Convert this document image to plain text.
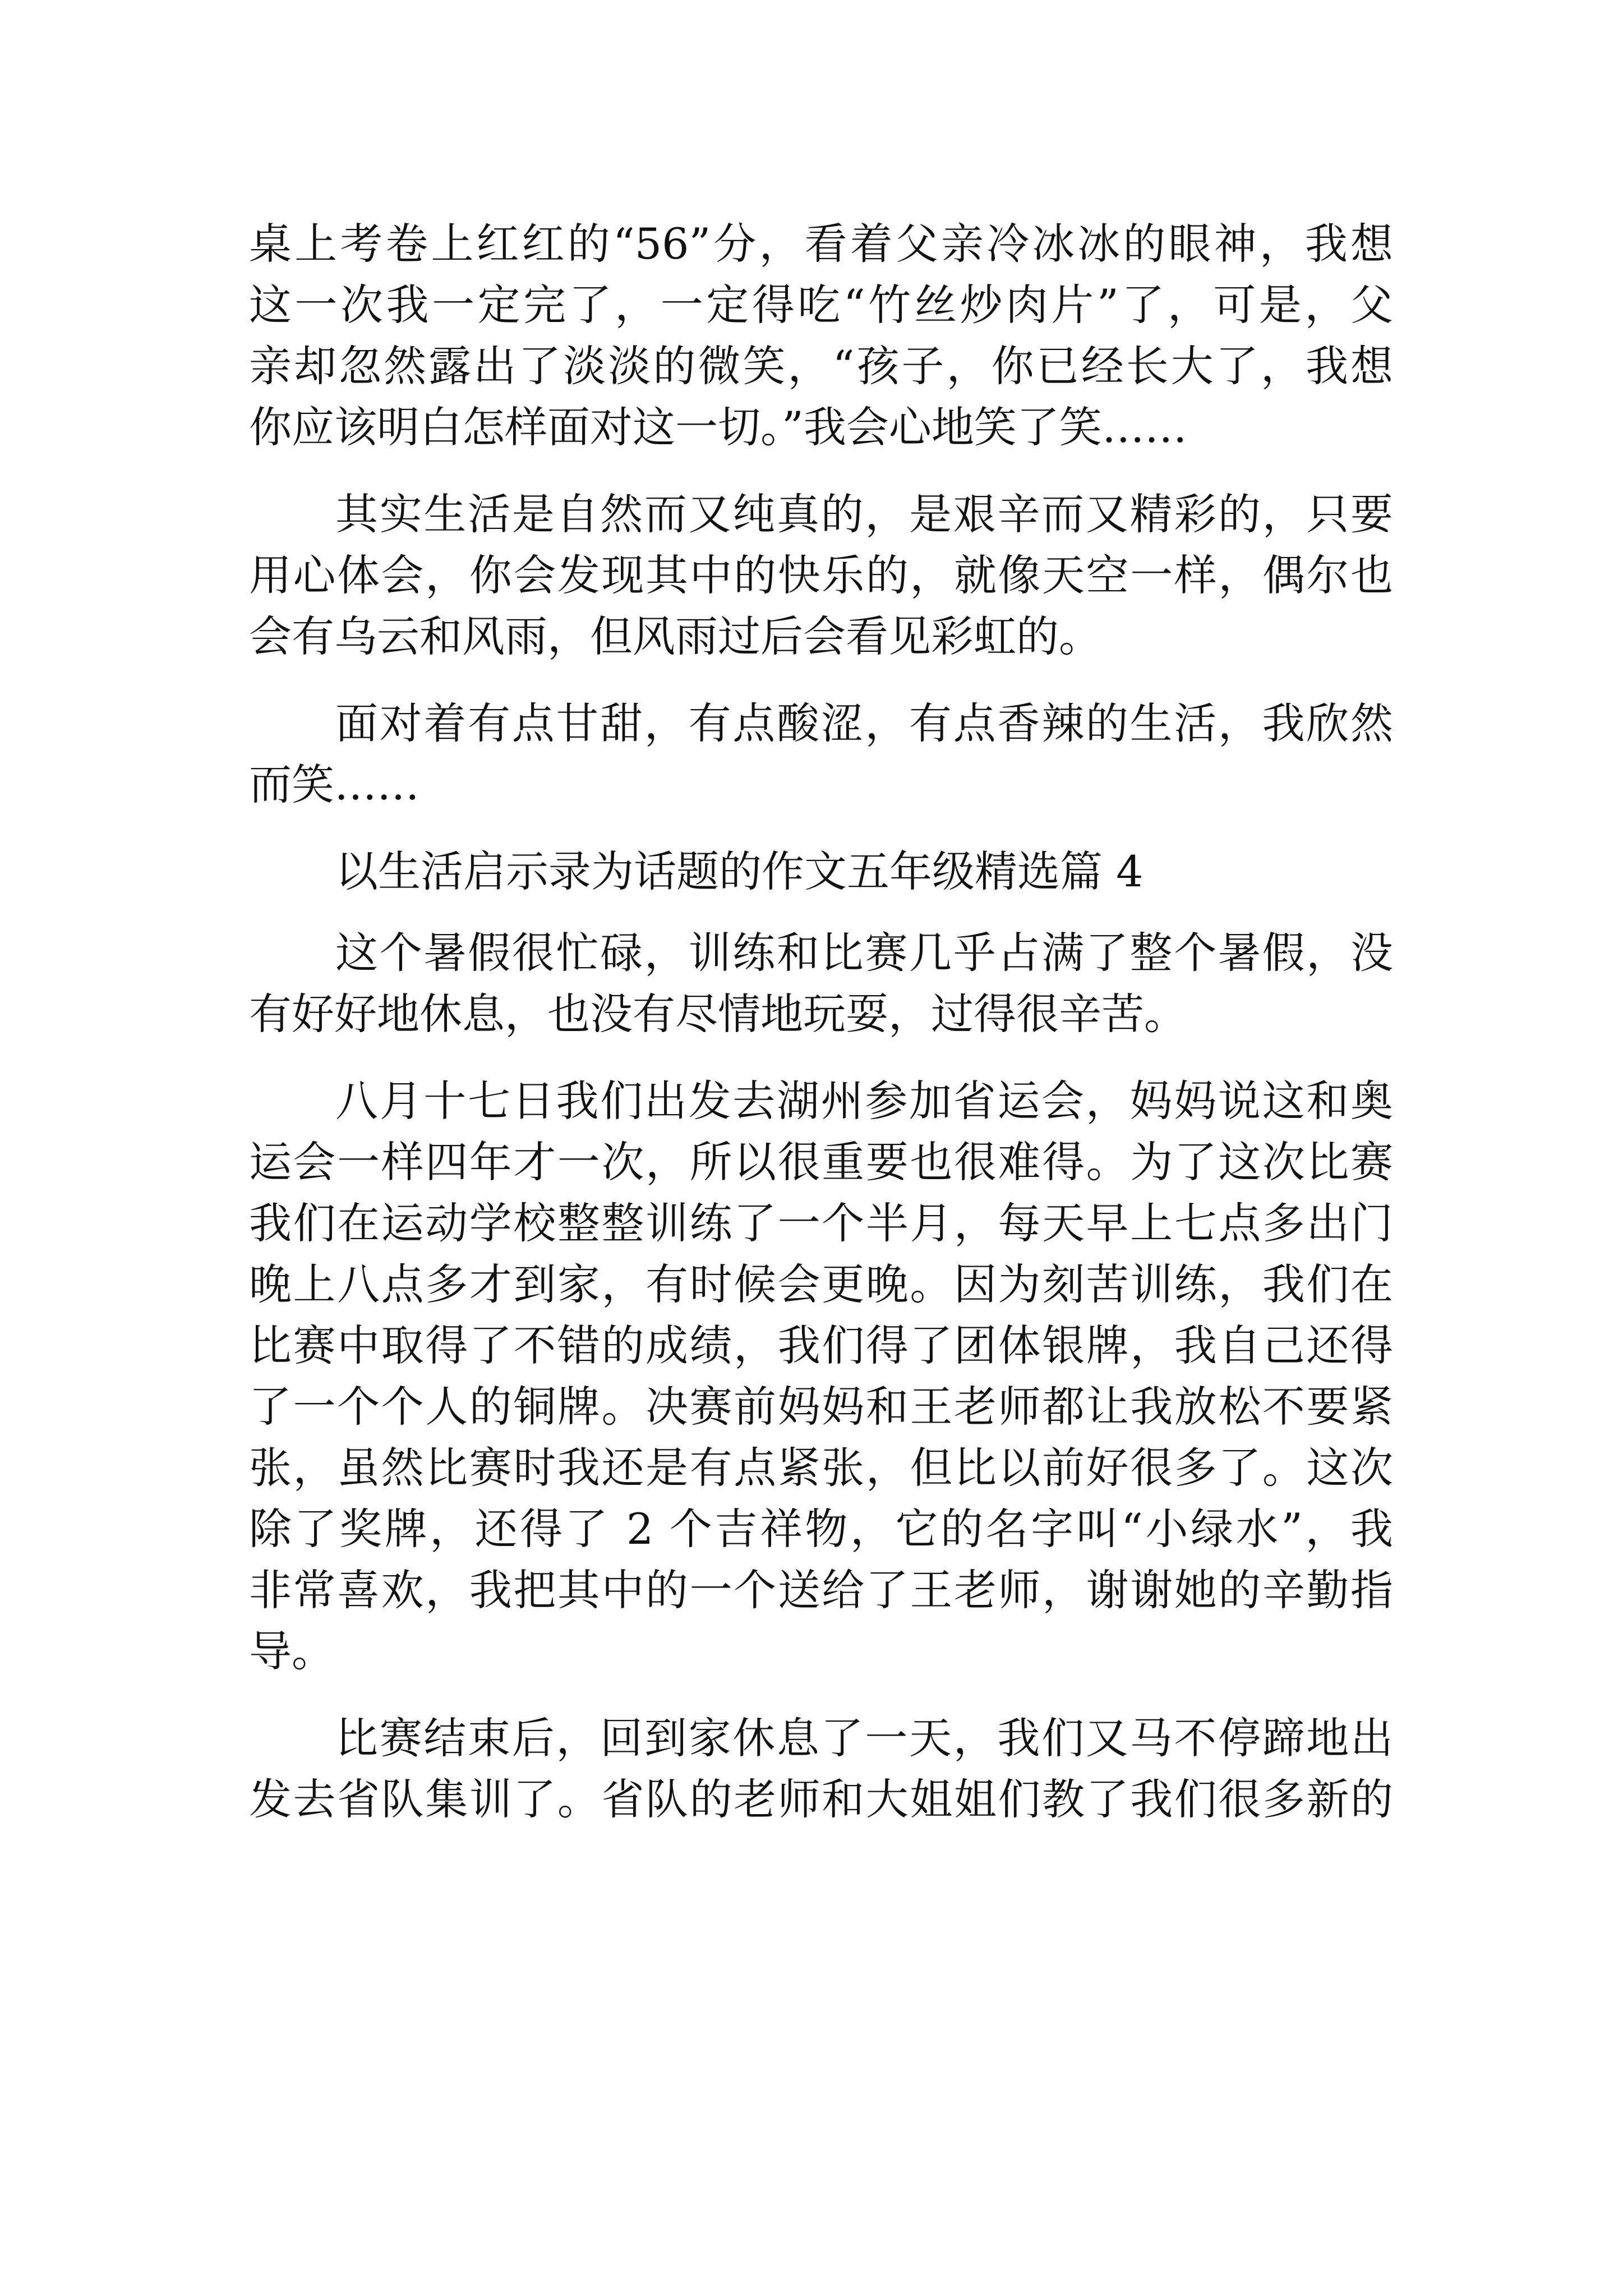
桌上考卷上红红的“56”分，看着父亲冷冰冰的眼神，我想
这一次我一定完了，一定得吃“竹丝炒肉片”了，可是，父
亲却忽然露出了淡淡的微笑，“孩子，你已经长大了，我想
你应该明白怎样面对这一切。”我会心地笑了笑……
其实生活是自然而又纯真的，是艰辛而又精彩的，只要
用心体会，你会发现其中的快乐的，就像天空一样，偶尔也
会有乌云和风雨，但风雨过后会看见彩虹的。
面对着有点甘甜，有点酸涩，有点香辣的生活，我欣然
而笑……
以生活启示录为话题的作文五年级精选篇 4
这个暑假很忙碌，训练和比赛几乎占满了整个暑假，没
有好好地休息，也没有尽情地玩耍，过得很辛苦。
八月十七日我们出发去湖州参加省运会，妈妈说这和奥
运会一样四年才一次，所以很重要也很难得。为了这次比赛
我们在运动学校整整训练了一个半月，每天早上七点多出门
晚上八点多才到家，有时候会更晚。因为刻苦训练，我们在
比赛中取得了不错的成绩，我们得了团体银牌，我自己还得
了一个个人的铜牌。决赛前妈妈和王老师都让我放松不要紧
张，虽然比赛时我还是有点紧张，但比以前好很多了。这次
除了奖牌，还得了 2 个吉祥物，它的名字叫“小绿水”，我
非常喜欢，我把其中的一个送给了王老师，谢谢她的辛勤指
导。
比赛结束后，回到家休息了一天，我们又马不停蹄地出
发去省队集训了。省队的老师和大姐姐们教了我们很多新的
